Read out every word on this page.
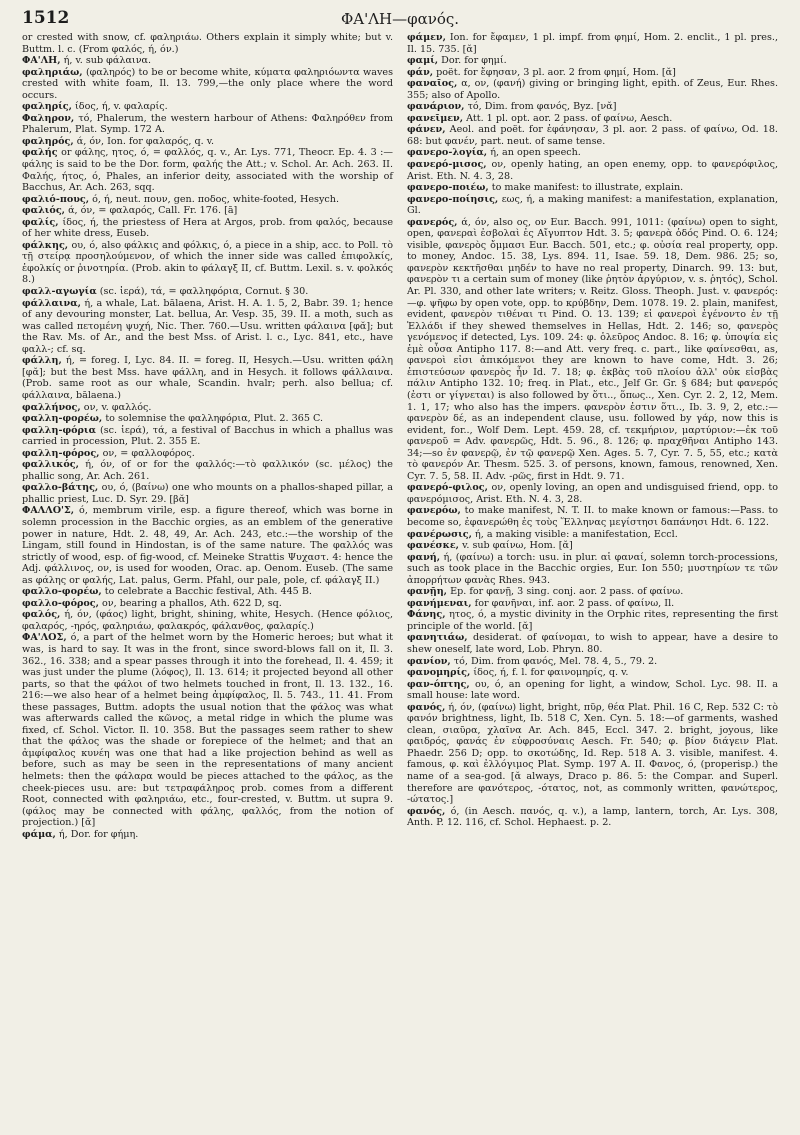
1512	ΦΑ'ΛΗ—φανός.

or crested with snow, cf. φαληριάω. Others explain it simply white; but v. Buttm. l. c. (From φαλός, ή, όν.)

ΦΑ'ΛΗ, ή, v. sub φάλαινα.

φαληριάω, (φαληρός) to be or become white, κύματα φαληριόωντα waves crested with white foam, Il. 13. 799,—the only place where the word occurs.

φαληρίς, ίδος, ή, v. φαλαρίς.

Φαληρον, τό, Phalerum, the western harbour of Athens: Φαληρόθεν from Phalerum, Plat. Symp. 172 A.

φαληρός, ά, όν, Ion. for φαλαρός, q. v.

φαλής or φάλης, ητος, ό, = φαλλός, q. v., Ar. Lys. 771, Theocr. Ep. 4. 3 :—φάλης is said to be the Dor. form, φαλής the Att.; v. Schol. Ar. Ach. 263. II. Φαλής, ήτος, ό, Phales, an inferior deity, associated with the worship of Bacchus, Ar. Ach. 263, sqq.

φαλιό-πους, ό, ή, neut. πουν, gen. ποδος, white-footed, Hesych.

φαλιός, ά, όν, = φαλαρός, Call. Fr. 176. [ā]

φαλίς, ίδος, ή, the priestess of Hera at Argos, prob. from φαλός, because of her white dress, Euseb.

φάλκης, ου, ό, also φάλκις and φόλκις, ό, a piece in a ship, acc. to Poll. τὸ τῇ στείρᾳ προσηλούμενον, of which the inner side was called ἐπιφολκίς, ἐφολκίς or ῥινοτηρία. (Prob. akin to φάλαγξ II, cf. Buttm. Lexil. s. v. φολκός 8.)

φαλλ-αγωγία (sc. ἱερά), τά, = φαλληφόρια, Cornut. § 30.

φάλλαινα, ή, a whale, Lat. bālaena, Arist. H. A. 1. 5, 2, Babr. 39. 1; hence of any devouring monster, Lat. bellua, Ar. Vesp. 35, 39. II. a moth, such as was called πετομένη ψυχή, Nic. Ther. 760.—Usu. written φάλαινα [φᾰ]; but the Rav. Ms. of Ar., and the best Mss. of Arist. l. c., Lyc. 841, etc., have φαλλ-; cf. sq.

φάλλη, ή, = foreg. I, Lyc. 84. II. = foreg. II, Hesych.—Usu. written φάλη [φᾰ]; but the best Mss. have φάλλη, and in Hesych. it follows φάλλαινα. (Prob. same root as our whale, Scandin. hvalr; perh. also bellua; cf. φάλλαινα, bālaena.)

φαλλήνος, ον, v. φαλλός.

φαλλη-φορέω, to solemnise the φαλληφόρια, Plut. 2. 365 C.

φαλλη-φόρια (sc. ἱερά), τά, a festival of Bacchus in which a phallus was carried in procession, Plut. 2. 355 E.

φαλλη-φόρος, ον, = φαλλοφόρος.

φαλλικός, ή, όν, of or for the φαλλός:—τὸ φαλλικόν (sc. μέλος) the phallic song, Ar. Ach. 261.

φαλλο-βάτης, ου, ό, (βαίνω) one who mounts on a phallos-shaped pillar, a phallic priest, Luc. D. Syr. 29. [βᾰ]

ΦΑΛΛΟ'Σ, ό, membrum virile, esp. a figure thereof, which was borne in solemn procession in the Bacchic orgies, as an emblem of the generative power in nature, Hdt. 2. 48, 49, Ar. Ach. 243, etc.:—the worship of the Lingam, still found in Hindostan, is of the same nature. The φαλλός was strictly of wood, esp. of fig-wood, cf. Meineke Strattis Ψυχαστ. 4: hence the Adj. φάλλινος, ον, is used for wooden, Orac. ap. Oenom. Euseb. (The same as φάλης or φαλής, Lat. palus, Germ. Pfahl, our pale, pole, cf. φάλαγξ II.)

φαλλο-φορέω, to celebrate a Bacchic festival, Ath. 445 B.

φαλλο-φόρος, ον, bearing a phallos, Ath. 622 D, sq.

φαλός, ή, όν, (φάος) light, bright, shining, white, Hesych. (Hence φόλιος, φαλαρός, -ηρός, φαληριάω, φαλακρός, φάλανθος, φαλαρίς.)

ΦΑ'ΛΟΣ, ό, a part of the helmet worn by the Homeric heroes; but what it was, is hard to say. It was in the front, since sword-blows fall on it, Il. 3. 362., 16. 338; and a spear passes through it into the forehead, Il. 4. 459; it was just under the plume (λόφος), Il. 13. 614; it projected beyond all other parts, so that the φάλοι of two helmets touched in front, Il. 13. 132., 16. 216:—we also hear of a helmet being ἀμφίφαλος, Il. 5. 743., 11. 41. From these passages, Buttm. adopts the usual notion that the φάλος was what was afterwards called the κῶνος, a metal ridge in which the plume was fixed, cf. Schol. Victor. Il. 10. 358. But the passages seem rather to shew that the φάλος was the shade or forepiece of the helmet; and that an ἀμφίφαλος κυνέη was one that had a like projection behind as well as before, such as may be seen in the representations of many ancient helmets: then the φάλαρα would be pieces attached to the φάλος, as the cheek-pieces usu. are: but τετραφάληρος prob. comes from a different Root, connected with φαληριάω, etc., four-crested, v. Buttm. ut supra 9. (φάλος may be connected with φάλης, φαλλός, from the notion of projection.) [ᾰ]

φάμα, ή, Dor. for φήμη.

φάμεν, Ion. for ἔφαμεν, 1 pl. impf. from φημί, Hom. 2. enclit., 1 pl. pres., Il. 15. 735. [ᾰ]

φαμί, Dor. for φημί.

φάν, poët. for ἔφησαν, 3 pl. aor. 2 from φημί, Hom. [ᾰ]

φαναῖος, α, ον, (φανή) giving or bringing light, epith. of Zeus, Eur. Rhes. 355; also of Apollo.

φανάριον, τό, Dim. from φανός, Byz. [νᾰ]

φανεῖμεν, Att. 1 pl. opt. aor. 2 pass. of φαίνω, Aesch.

φάνεν, Aeol. and poët. for ἐφάνησαν, 3 pl. aor. 2 pass. of φαίνω, Od. 18. 68: but φανέν, part. neut. of same tense.

φανερο-λογία, ή, an open speech.

φανερό-μισος, ον, openly hating, an open enemy, opp. to φανερόφιλος, Arist. Eth. N. 4. 3, 28.

φανερο-ποιέω, to make manifest: to illustrate, explain.

φανερο-ποίησις, εως, ή, a making manifest: a manifestation, explanation, Gl.

φανερός, ά, όν, also ος, ον Eur. Bacch. 991, 1011: (φαίνω) open to sight, open, φανεραὶ ἐσβολαὶ ἐς Αἴγυπτον Hdt. 3. 5; φανερὰ ὁδός Pind. O. 6. 124; visible, φανερὸς ὄμμασι Eur. Bacch. 501, etc.; φ. οὐσία real property, opp. to money, Andoc. 15. 38, Lys. 894. 11, Isae. 59. 18, Dem. 986. 25; so, φανερὸν κεκτῆσθαι μηδέν to have no real property, Dinarch. 99. 13: but, φανερὸν τι a certain sum of money (like ῥητὸν ἀργύριον, v. s. ῥητός), Schol. Ar. Pl. 330, and other late writers; v. Reitz. Gloss. Theoph. Just. v. φανερός:—φ. ψῆφω by open vote, opp. to κρύβδην, Dem. 1078. 19. 2. plain, manifest, evident, φανερὸν τιθέναι τι Pind. O. 13. 139; εἰ φανεροὶ ἐγένοντο ἐν τῇ Ἑλλάδι if they shewed themselves in Hellas, Hdt. 2. 146; so, φανερὸς γενόμενος if detected, Lys. 109. 24: φ. ὁλεῦρος Andoc. 8. 16; φ. ὑποψία εἰς ἐμὲ οὖσα Antipho 117. 8:—and Att. very freq. c. part., like φαίνεσθαι, as, φανεροὶ εἰσι ἀπικόμενοι they are known to have come, Hdt. 3. 26; ἐπιστεύσων φανερὸς ἦν Id. 7. 18; φ. ἐκβὰς τοῦ πλοίου ἀλλ' οὐκ εἰσβὰς πάλιν Antipho 132. 10; freq. in Plat., etc., Jelf Gr. Gr. § 684; but φανερός (ἐστι or γίγνεται) is also followed by ὅτι.., ὅπως.., Xen. Cyr. 2. 2, 12, Mem. 1. 1, 17; who also has the impers. φανερὸν ἐστιν ὅτι.., Ib. 3. 9, 2, etc.:—φανερὸν δέ, as an independent clause, usu. followed by γάρ, now this is evident, for.., Wolf Dem. Lept. 459. 28, cf. τεκμήριον, μαρτύριον:—ἐκ τοῦ φανεροῦ = Adv. φανερῶς, Hdt. 5. 96., 8. 126; φ. πραχθῆναι Antipho 143. 34;—so ἐν φανερῷ, ἐν τῷ φανερῷ Xen. Ages. 5. 7, Cyr. 7. 5, 55, etc.; κατὰ τὸ φανερόν Ar. Thesm. 525. 3. of persons, known, famous, renowned, Xen. Cyr. 7. 5, 58. II. Adv. -ρῶς, first in Hdt. 9. 71.

φανερό-φιλος, ον, openly loving, an open and undisguised friend, opp. to φανερόμισος, Arist. Eth. N. 4. 3, 28.

φανερόω, to make manifest, N. T. II. to make known or famous:—Pass. to become so, ἐφανερώθη ἐς τοὺς Ἕλληνας μεγίστησι δαπάνησι Hdt. 6. 122.

φανέρωσις, ή, a making visible: a manifestation, Eccl.

φανέσκε, v. sub φαίνω, Hom. [ᾰ]

φανή, ή, (φαίνω) a torch: usu. in plur. αἱ φαναί, solemn torch-processions, such as took place in the Bacchic orgies, Eur. Ion 550; μυστηρίων τε τῶν ἀπορρήτων φανὰς Rhes. 943.

φανῇη, Ep. for φανῇ, 3 sing. conj. aor. 2 pass. of φαίνω.

φανήμεναι, for φανῆναι, inf. aor. 2 pass. of φαίνω, Il.

Φάνης, ητος, ό, a mystic divinity in the Orphic rites, representing the first principle of the world. [ᾰ]

φανητιάω, desiderat. of φαίνομαι, to wish to appear, have a desire to shew oneself, late word, Lob. Phryn. 80.

φανίον, τό, Dim. from φανός, Mel. 78. 4, 5., 79. 2.

φανομηρίς, ίδος, ή, f. l. for φαινομηρίς, q. v.

φαν-όπτης, ου, ό, an opening for light, a window, Schol. Lyc. 98. II. a small house: late word.

φανός, ή, όν, (φαίνω) light, bright, πῦρ, θέα Plat. Phil. 16 C, Rep. 532 C: τὸ φανόν brightness, light, Ib. 518 C, Xen. Cyn. 5. 18:—of garments, washed clean, σιαῦρα, χλαῖνα Ar. Ach. 845, Eccl. 347. 2. bright, joyous, like φαιδρός, φανάς ἐν εὐφροσύναις Aesch. Fr. 540; φ. βίον διάγειν Plat. Phaedr. 256 D; opp. to σκοτώδης, Id. Rep. 518 A. 3. visible, manifest. 4. famous, φ. καὶ ἐλλόγιμος Plat. Symp. 197 A. II. Φανος, ό, (properisp.) the name of a sea-god. [ᾰ always, Draco p. 86. 5: the Compar. and Superl. therefore are φανότερος, -ότατος, not, as commonly written, φανώτερος, -ώτατος.]

φανός, ό, (in Aesch. πανός, q. v.), a lamp, lantern, torch, Ar. Lys. 308, Anth. P. 12. 116, cf. Schol. Hephaest. p. 2.
